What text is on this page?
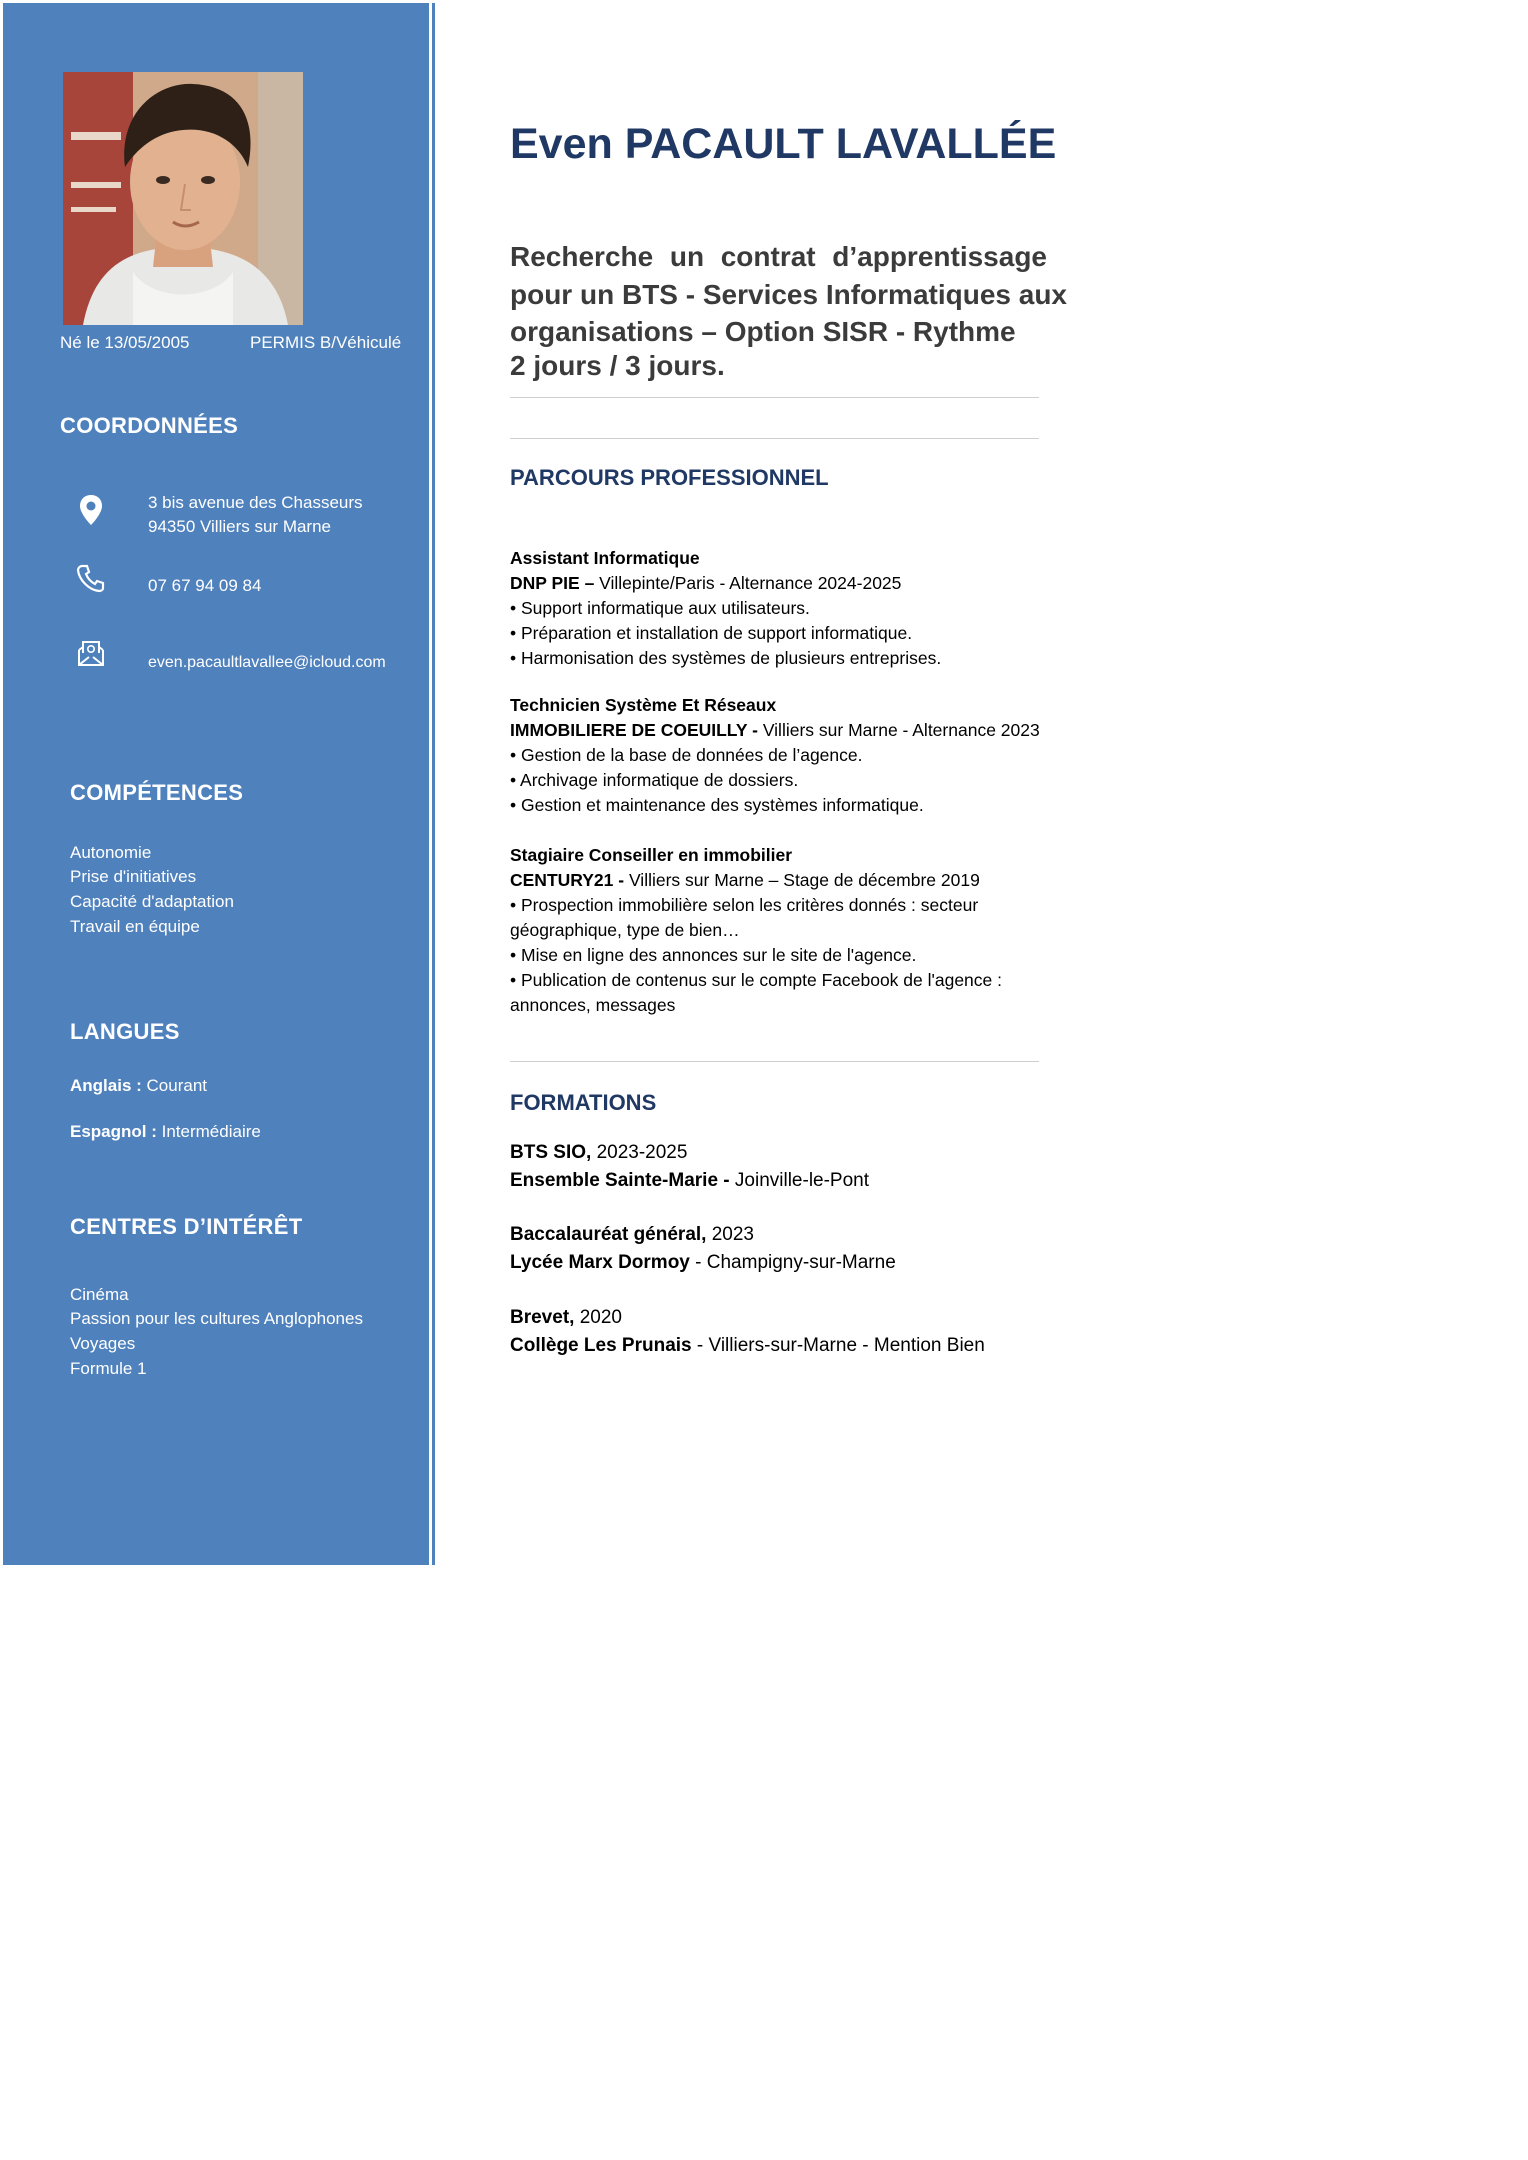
Né le 13/05/2005	PERMIS B/Véhiculé
COORDONNÉES
3 bis avenue des Chasseurs
94350 Villiers sur Marne
07 67 94 09 84
even.pacaultlavallee@icloud.com
COMPÉTENCES
Autonomie
Prise d'initiatives
Capacité d'adaptation
Travail en équipe
LANGUES
Anglais : Courant
Espagnol : Intermédiaire
CENTRES D’INTÉRÊT
Cinéma
Passion pour les cultures Anglophones
Voyages
Formule 1
Even PACAULT LAVALLÉE
Recherche un contrat d’apprentissage
pour un BTS - Services Informatiques aux
organisations – Option SISR - Rythme
2 jours / 3 jours.
PARCOURS PROFESSIONNEL
Assistant Informatique
DNP PIE – Villepinte/Paris - Alternance 2024-2025
• Support informatique aux utilisateurs.
• Préparation et installation de support informatique.
• Harmonisation des systèmes de plusieurs entreprises.
Technicien Système Et Réseaux
IMMOBILIERE DE COEUILLY - Villiers sur Marne - Alternance 2023
• Gestion de la base de données de l’agence.
• Archivage informatique de dossiers.
• Gestion et maintenance des systèmes informatique.
Stagiaire Conseiller en immobilier
CENTURY21 - Villiers sur Marne – Stage de décembre 2019
• Prospection immobilière selon les critères donnés : secteur
géographique, type de bien…
• Mise en ligne des annonces sur le site de l'agence.
• Publication de contenus sur le compte Facebook de l'agence :
annonces, messages
FORMATIONS
BTS SIO, 2023-2025
Ensemble Sainte-Marie - Joinville-le-Pont
Baccalauréat général, 2023
Lycée Marx Dormoy - Champigny-sur-Marne
Brevet, 2020
Collège Les Prunais - Villiers-sur-Marne - Mention Bien
